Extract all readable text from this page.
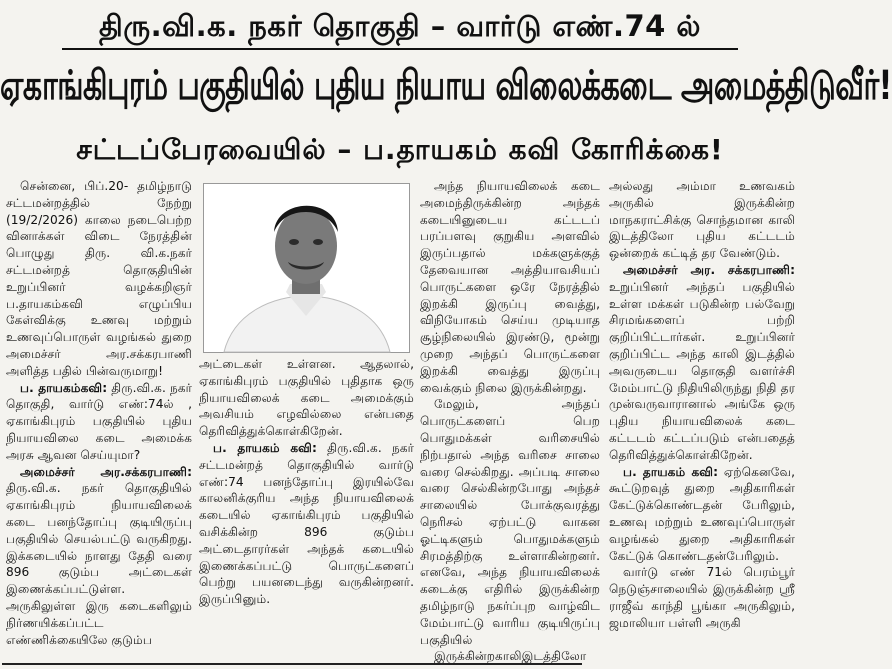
திரு.வி.க. நகர் தொகுதி – வார்டு எண்.74 ல்
ஏகாங்கிபுரம் பகுதியில் புதிய நியாய விலைக்கடை அமைத்திடுவீர்!
சட்டப்பேரவையில் – ப.தாயகம் கவி கோரிக்கை!

சென்னை, பிப்.20- தமிழ்நாடு சட்டமன்றத்தில் நேற்று (19/2/2026) காலை நடைபெற்ற வினாக்கள் விடை நேரத்தின் பொழுது திரு. வி.க.நகர் சட்டமன்றத் தொகுதியின் உறுப்பினர் வழக்கறிஞர் ப.தாயகம்கவி எழுப்பிய கேள்விக்கு உணவு மற்றும் உணவுப்பொருள் வழங்கல் துறை அமைச்சர் அர.சக்கரபாணி அளித்த பதில் பின்வருமாறு!

ப. தாயகம்கவி: திரு.வி.க. நகர் தொகுதி, வார்டு எண்:74ல் , ஏகாங்கிபுரம் பகுதியில் புதிய நியாயவிலை கடை அமைக்க அரசு ஆவன செய்யுமா?

அமைச்சர் அர.சக்கரபாணி: திரு.வி.க. நகர் தொகுதியில் ஏகாங்கிபுரம் நியாயவிலைக் கடை பனந்தோப்பு குடியிருப்பு பகுதியில் செயல்பட்டு வருகிறது. இக்கடையில் நாளது தேதி வரை 896 குடும்ப அட்டைகள் இணைக்கப்பட்டுள்ள. அருகிலுள்ள இரு கடைகளிலும் நிர்ணயிக்கப்பட்ட எண்ணிக்கையிலே குடும்ப

அட்டைகள் உள்ளன. ஆதலால், ஏகாங்கிபுரம் பகுதியில் புதிதாக ஒரு நியாயவிலைக் கடை அமைக்கும் அவசியம் எழவில்லை என்பதை தெரிவித்துக்கொள்கிறேன்.

ப. தாயகம் கவி: திரு.வி.க. நகர் சட்டமன்றத் தொகுதியில் வார்டு எண்:74 பனந்தோப்பு இரயில்வே காலனிக்குரிய அந்த நியாயவிலைக் கடையில் ஏகாங்கிபுரம் பகுதியில் வசிக்கின்ற 896 குடும்ப அட்டைதாரர்கள் அந்தக் கடையில் இணைக்கப்பட்டு பொருட்களைப் பெற்று பயனடைந்து வருகின்றனர். இருப்பினும்.

அந்த நியாயவிலைக் கடை அமைந்திருக்கின்ற அந்தக் கடையினுடைய கட்டடப் பரப்பளவு குறுகிய அளவில் இருப்பதால் மக்களுக்குத் தேவையான அத்தியாவசியப் பொருட்களை ஒரே நேரத்தில் இறக்கி இருப்பு வைத்து, விநியோகம் செய்ய முடியாத சூழ்நிலையில் இரண்டு, மூன்று முறை அந்தப் பொருட்களை இறக்கி வைத்து இருப்பு வைக்கும் நிலை இருக்கின்றது.

மேலும், அந்தப் பொருட்களைப் பெற பொதுமக்கள் வரிசையில் நிற்பதால் அந்த வரிசை சாலை வரை செல்கிறது. அப்படி சாலை வரை செல்கின்றபோது அந்தச் சாலையில் போக்குவரத்து நெரிசல் ஏற்பட்டு வாகன ஓட்டிகளும் பொதுமக்களும் சிரமத்திற்கு உள்ளாகின்றனர். எனவே, அந்த நியாயவிலைக் கடைக்கு எதிரில் இருக்கின்ற தமிழ்நாடு நகர்ப்புற வாழ்விட மேம்பாட்டு வாரிய குடியிருப்பு பகுதியில்

இருக்கின்றகாலிஇடத்திலோ

அல்லது அம்மா உணவகம் அருகில் இருக்கின்ற மாநகராட்சிக்கு சொந்தமான காலி இடத்திலோ புதிய கட்டடம் ஒன்றைக் கட்டித் தர வேண்டும்.

அமைச்சர் அர. சக்கரபாணி: உறுப்பினர் அந்தப் பகுதியில் உள்ள மக்கள் படுகின்ற பல்வேறு சிரமங்களைப் பற்றி குறிப்பிட்டார்கள். உறுப்பினர் குறிப்பிட்ட அந்த காலி இடத்தில் அவருடைய தொகுதி வளர்ச்சி மேம்பாட்டு நிதியிலிருந்து நிதி தர முன்வருவாரானால் அங்கே ஒரு புதிய நியாயவிலைக் கடை கட்டடம் கட்டப்படும் என்பதைத் தெரிவித்துக்கொள்கிறேன்.

ப. தாயகம் கவி: ஏற்கெனவே, கூட்டுறவுத் துறை அதிகாரிகள் கேட்டுக்கொண்டதன் பேரிலும், உணவு மற்றும் உணவுப்பொருள் வழங்கல் துறை அதிகாரிகள் கேட்டுக் கொண்டதன்பேரிலும்.

வார்டு எண் 71ல் பெரம்பூர் நெடுஞ்சாலையில் இருக்கின்ற ஸ்ரீ ராஜீவ் காந்தி பூங்கா அருகிலும், ஜமாலியா பள்ளி அருகி
